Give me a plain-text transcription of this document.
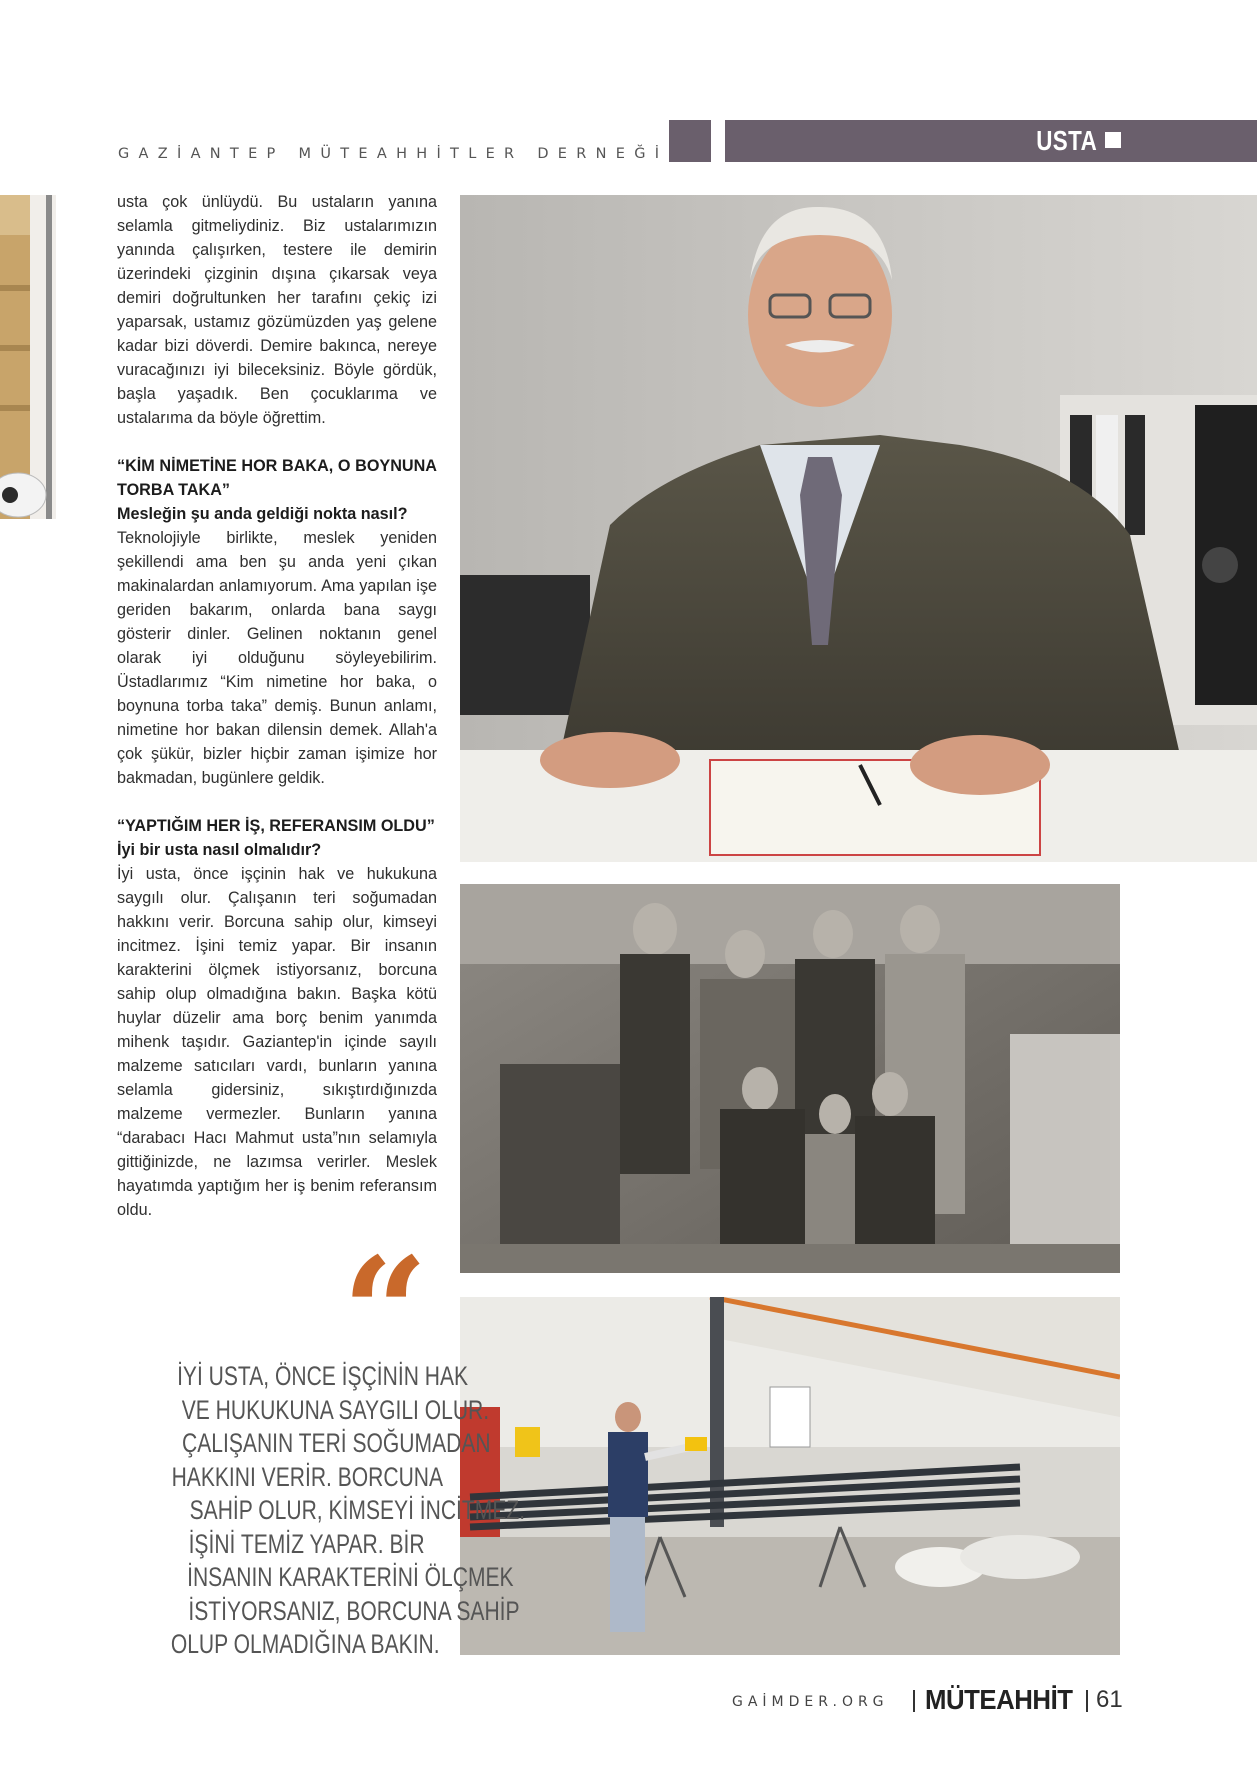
GAZİANTEP MÜTEAHHİTLER DERNEĞİ	USTA

usta çok ünlüydü. Bu ustaların yanına selamla gitmeliydiniz. Biz ustalarımızın yanında çalışırken, testere ile demirin üzerindeki çizginin dışına çıkarsak veya demiri doğrultunken her tarafını çekiç izi yaparsak, ustamız gözümüzden yaş gelene kadar bizi döverdi. Demire bakınca, nereye vuracağınızı iyi bileceksiniz. Böyle gördük, başla yaşadık. Ben çocuklarıma ve ustalarıma da böyle öğrettim.

“KİM NİMETİNE HOR BAKA, O BOYNUNA TORBA TAKA”
Mesleğin şu anda geldiği nokta nasıl?

Teknolojiyle birlikte, meslek yeniden şekillendi ama ben şu anda yeni çıkan makinalardan anlamıyorum. Ama yapılan işe geriden bakarım, onlarda bana saygı gösterir dinler. Gelinen noktanın genel olarak iyi olduğunu söyleyebilirim. Üstadlarımız “Kim nimetine hor baka, o boynuna torba taka” demiş. Bunun anlamı, nimetine hor bakan dilensin demek. Allah'a çok şükür, bizler hiçbir zaman işimize hor bakmadan, bugünlere geldik.

“YAPTIĞIM HER İŞ, REFERANSIM OLDU”
İyi bir usta nasıl olmalıdır?

İyi usta, önce işçinin hak ve hukukuna saygılı olur. Çalışanın teri soğumadan hakkını verir. Borcuna sahip olur, kimseyi incitmez. İşini temiz yapar. Bir insanın karakterini ölçmek istiyorsanız, borcuna sahip olup olmadığına bakın. Başka kötü huylar düzelir ama borç benim yanımda mihenk taşıdır. Gaziantep'in içinde sayılı malzeme satıcıları vardı, bunların yanına selamla gidersiniz, sıkıştırdığınızda malzeme vermezler. Bunların yanına “darabacı Hacı Mahmut usta”nın selamıyla gittiğinizde, ne lazımsa verirler. Meslek hayatımda yaptığım her iş benim referansım oldu.

“
İYİ USTA, ÖNCE İŞÇİNİN HAK
VE HUKUKUNA SAYGILI OLUR.
ÇALIŞANIN TERİ SOĞUMADAN
HAKKINI VERİR. BORCUNA
SAHİP OLUR, KİMSEYİ İNCİTMEZ.
İŞİNİ TEMİZ YAPAR. BİR
İNSANIN KARAKTERİNİ ÖLÇMEK
İSTİYORSANIZ, BORCUNA SAHİP
OLUP OLMADIĞINA BAKIN.
GAİMDER.ORG MÜTEAHHİT 61
